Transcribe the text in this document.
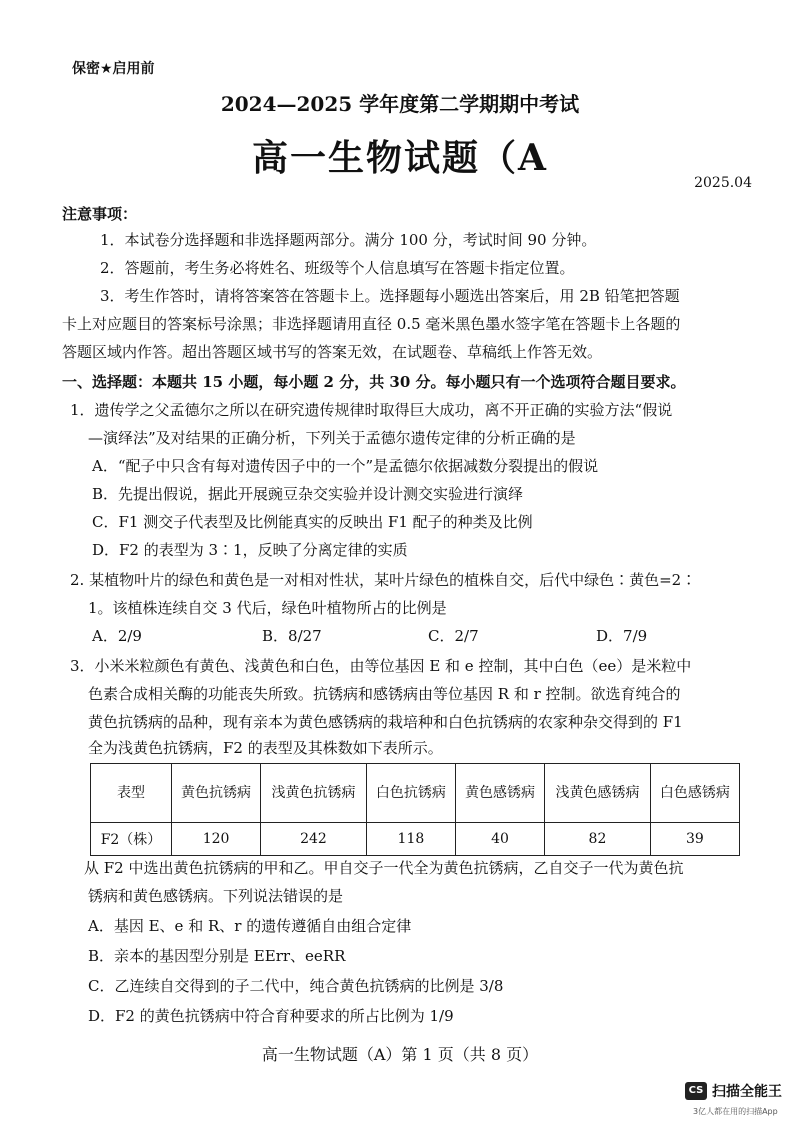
保密★启用前
2024—2025 学年度第二学期期中考试
高一生物试题（A
2025.04
注意事项：
1．本试卷分选择题和非选择题两部分。满分 100 分，考试时间 90 分钟。
2．答题前，考生务必将姓名、班级等个人信息填写在答题卡指定位置。
3．考生作答时，请将答案答在答题卡上。选择题每小题选出答案后，用 2B 铅笔把答题
卡上对应题目的答案标号涂黑；非选择题请用直径 0.5 毫米黑色墨水签字笔在答题卡上各题的
答题区域内作答。超出答题区域书写的答案无效，在试题卷、草稿纸上作答无效。
一、选择题：本题共 15 小题，每小题 2 分，共 30 分。每小题只有一个选项符合题目要求。
1．遗传学之父孟德尔之所以在研究遗传规律时取得巨大成功，离不开正确的实验方法“假说
—演绎法”及对结果的正确分析，下列关于孟德尔遗传定律的分析正确的是
A．“配子中只含有每对遗传因子中的一个”是孟德尔依据减数分裂提出的假说
B．先提出假说，据此开展豌豆杂交实验并设计测交实验进行演绎
C．F1 测交子代表型及比例能真实的反映出 F1 配子的种类及比例
D．F2 的表型为 3∶1，反映了分离定律的实质
2. 某植物叶片的绿色和黄色是一对相对性状，某叶片绿色的植株自交，后代中绿色∶黄色=2∶
1。该植株连续自交 3 代后，绿色叶植物所占的比例是
A．2/9	B．8/27	C．2/7	D．7/9
3．小米米粒颜色有黄色、浅黄色和白色，由等位基因 E 和 e 控制，其中白色（ee）是米粒中
色素合成相关酶的功能丧失所致。抗锈病和感锈病由等位基因 R 和 r 控制。欲选育纯合的
黄色抗锈病的品种，现有亲本为黄色感锈病的栽培种和白色抗锈病的农家种杂交得到的 F1
全为浅黄色抗锈病，F2 的表型及其株数如下表所示。
表型	黄色抗锈病	浅黄色抗锈病	白色抗锈病	黄色感锈病	浅黄色感锈病	白色感锈病
F2（株）	120	242	118	40	82	39
从 F2 中选出黄色抗锈病的甲和乙。甲自交子一代全为黄色抗锈病，乙自交子一代为黄色抗
锈病和黄色感锈病。下列说法错误的是
A．基因 E、e 和 R、r 的遗传遵循自由组合定律
B．亲本的基因型分别是 EErr、eeRR
C．乙连续自交得到的子二代中，纯合黄色抗锈病的比例是 3/8
D．F2 的黄色抗锈病中符合育种要求的所占比例为 1/9
高一生物试题（A）第 1 页（共 8 页）
CS 扫描全能王
3亿人都在用的扫描App
